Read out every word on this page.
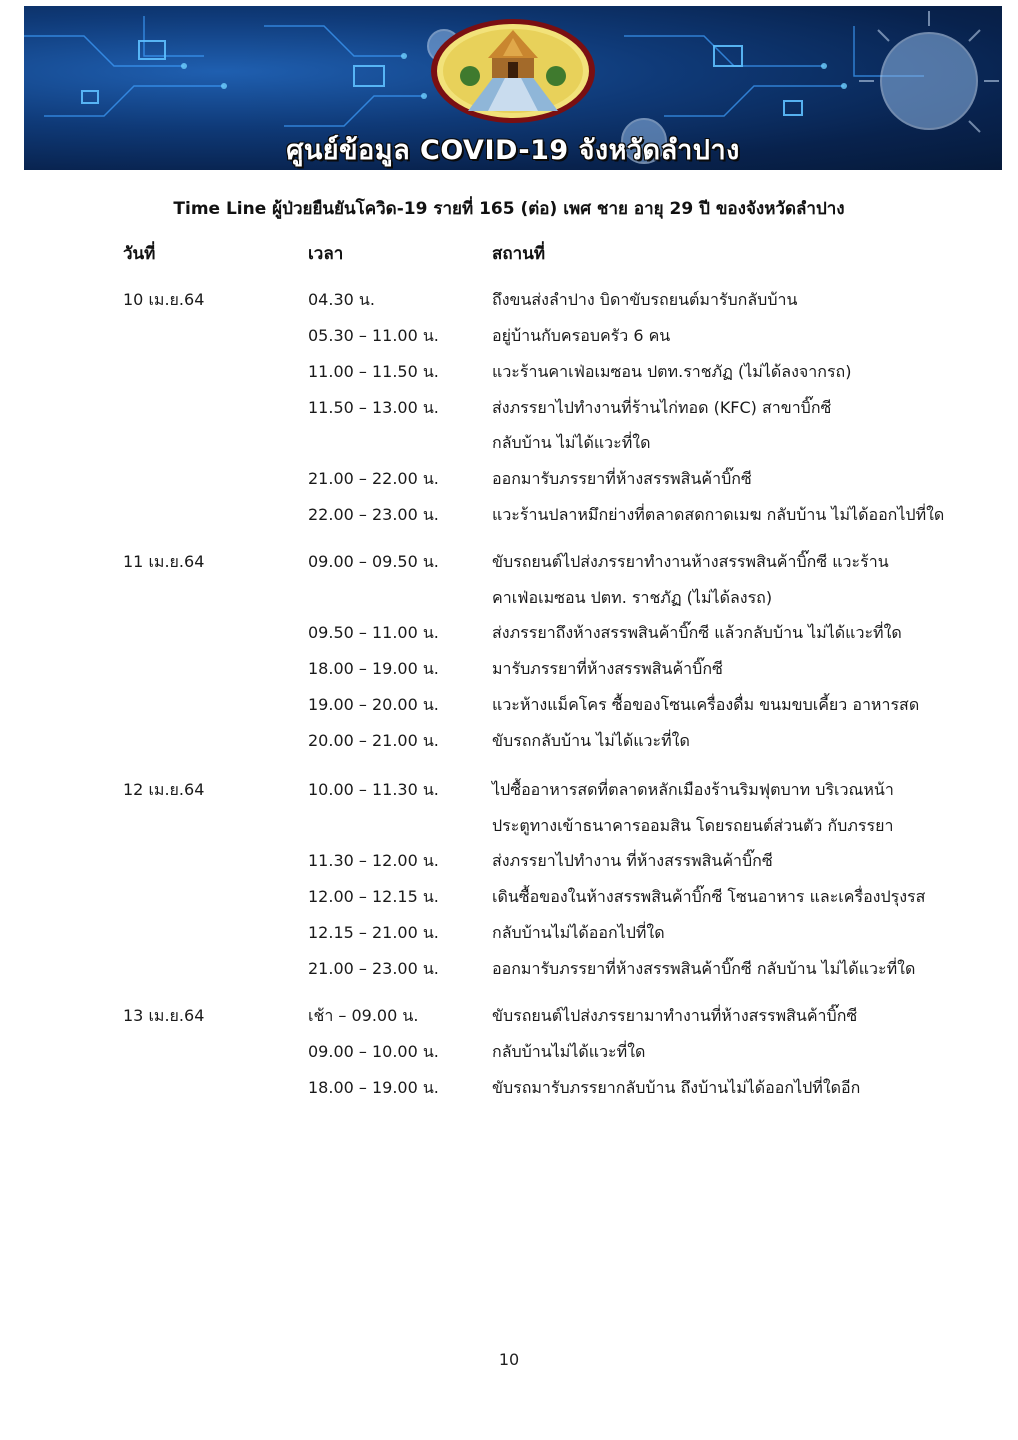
ศูนย์ข้อมูล COVID-19 จังหวัดลำปาง
Time Line ผู้ป่วยยืนยันโควิด-19 รายที่ 165 (ต่อ) เพศ ชาย อายุ 29 ปี ของจังหวัดลำปาง
วันที่	เวลา	สถานที่
10 เม.ย.64	04.30 น.	ถึงขนส่งลำปาง บิดาขับรถยนต์มารับกลับบ้าน
05.30 – 11.00 น.	อยู่บ้านกับครอบครัว 6 คน
11.00 – 11.50 น.	แวะร้านคาเฟ่อเมซอน ปตท.ราชภัฏ (ไม่ได้ลงจากรถ)
11.50 – 13.00 น.	ส่งภรรยาไปทำงานที่ร้านไก่ทอด (KFC) สาขาบิ๊กซี
กลับบ้าน ไม่ได้แวะที่ใด
21.00 – 22.00 น.	ออกมารับภรรยาที่ห้างสรรพสินค้าบิ๊กซี
22.00 – 23.00 น.	แวะร้านปลาหมึกย่างที่ตลาดสดกาดเมฆ กลับบ้าน ไม่ได้ออกไปที่ใด
11 เม.ย.64	09.00 – 09.50 น.	ขับรถยนต์ไปส่งภรรยาทำงานห้างสรรพสินค้าบิ๊กซี แวะร้าน
คาเฟ่อเมซอน ปตท. ราชภัฏ (ไม่ได้ลงรถ)
09.50 – 11.00 น.	ส่งภรรยาถึงห้างสรรพสินค้าบิ๊กซี แล้วกลับบ้าน ไม่ได้แวะที่ใด
18.00 – 19.00 น.	มารับภรรยาที่ห้างสรรพสินค้าบิ๊กซี
19.00 – 20.00 น.	แวะห้างแม็คโคร ซื้อของโซนเครื่องดื่ม ขนมขบเคี้ยว อาหารสด
20.00 – 21.00 น.	ขับรถกลับบ้าน ไม่ได้แวะที่ใด
12 เม.ย.64	10.00 – 11.30 น.	ไปซื้ออาหารสดที่ตลาดหลักเมืองร้านริมฟุตบาท บริเวณหน้า
ประตูทางเข้าธนาคารออมสิน โดยรถยนต์ส่วนตัว กับภรรยา
11.30 – 12.00 น.	ส่งภรรยาไปทำงาน ที่ห้างสรรพสินค้าบิ๊กซี
12.00 – 12.15 น.	เดินซื้อของในห้างสรรพสินค้าบิ๊กซี โซนอาหาร และเครื่องปรุงรส
12.15 – 21.00 น.	กลับบ้านไม่ได้ออกไปที่ใด
21.00 – 23.00 น.	ออกมารับภรรยาที่ห้างสรรพสินค้าบิ๊กซี กลับบ้าน ไม่ได้แวะที่ใด
13 เม.ย.64	เช้า – 09.00 น.	ขับรถยนต์ไปส่งภรรยามาทำงานที่ห้างสรรพสินค้าบิ๊กซี
09.00 – 10.00 น.	กลับบ้านไม่ได้แวะที่ใด
18.00 – 19.00 น.	ขับรถมารับภรรยากลับบ้าน ถึงบ้านไม่ได้ออกไปที่ใดอีก
10
